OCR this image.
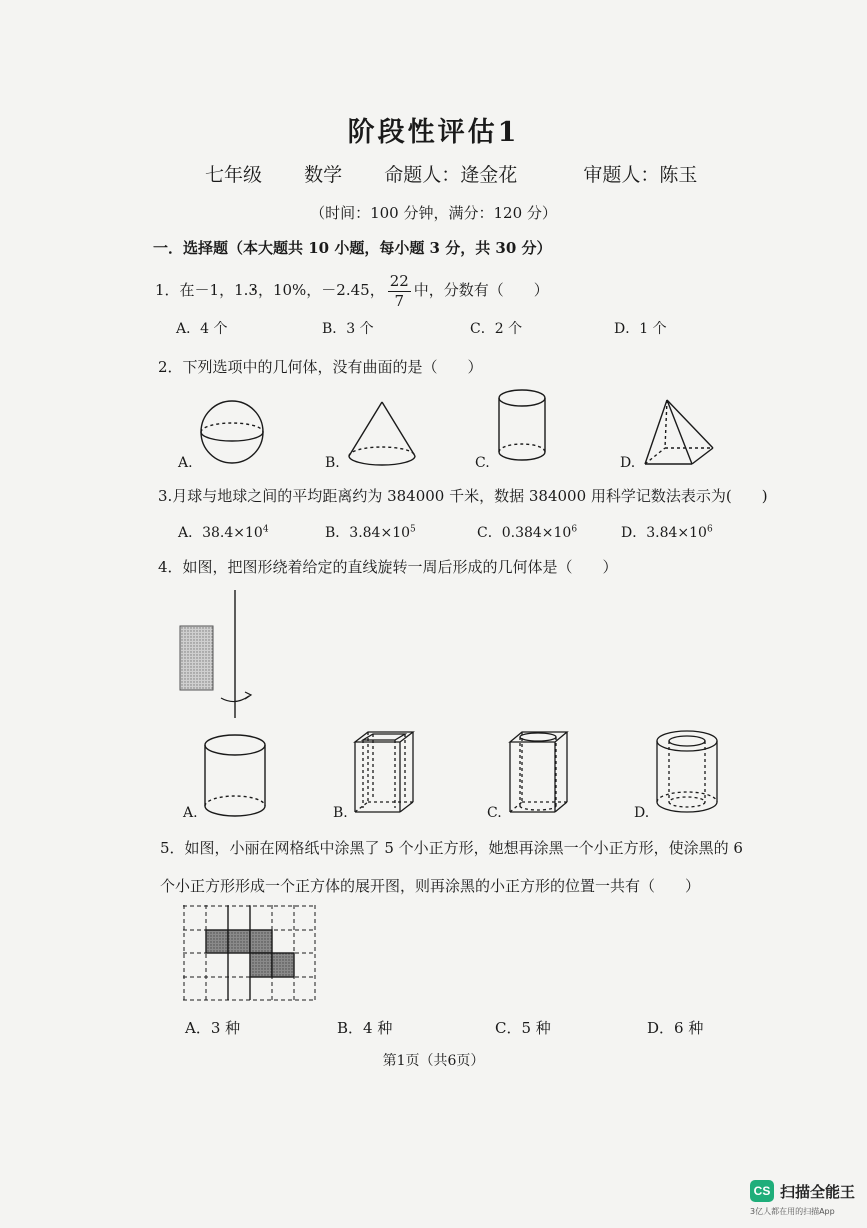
阶段性评估1
七年级 数学 命题人：逄金花	审题人：陈玉
（时间：100 分钟，满分：120 分）
一．选择题（本大题共 10 小题，每小题 3 分，共 30 分）
1．在－1，1.• 3，10%，－2.45， $\frac{22}{7}$ 中，分数有（　　）
A．4 个	B．3 个	C．2 个	D．1 个
2．下列选项中的几何体，没有曲面的是（　　）
A.	B.	C.	D.
3.月球与地球之间的平均距离约为 384000 千米，数据 384000 用科学记数法表示为(　　)
A．$38.4\times 10^4$	B．$3.84\times 10^5$	C．$0.384\times 10^6$	D．$3.84\times 10^6$
4．如图，把图形绕着给定的直线旋转一周后形成的几何体是（　　）
A.	B.	C.	D.
5．如图，小丽在网格纸中涂黑了 5 个小正方形，她想再涂黑一个小正方形，使涂黑的 6
个小正方形形成一个正方体的展开图，则再涂黑的小正方形的位置一共有（　　）
A．3 种	B．4 种	C．5 种	D．6 种
第1页（共6页）
CS 扫描全能王
3亿人都在用的扫描App
